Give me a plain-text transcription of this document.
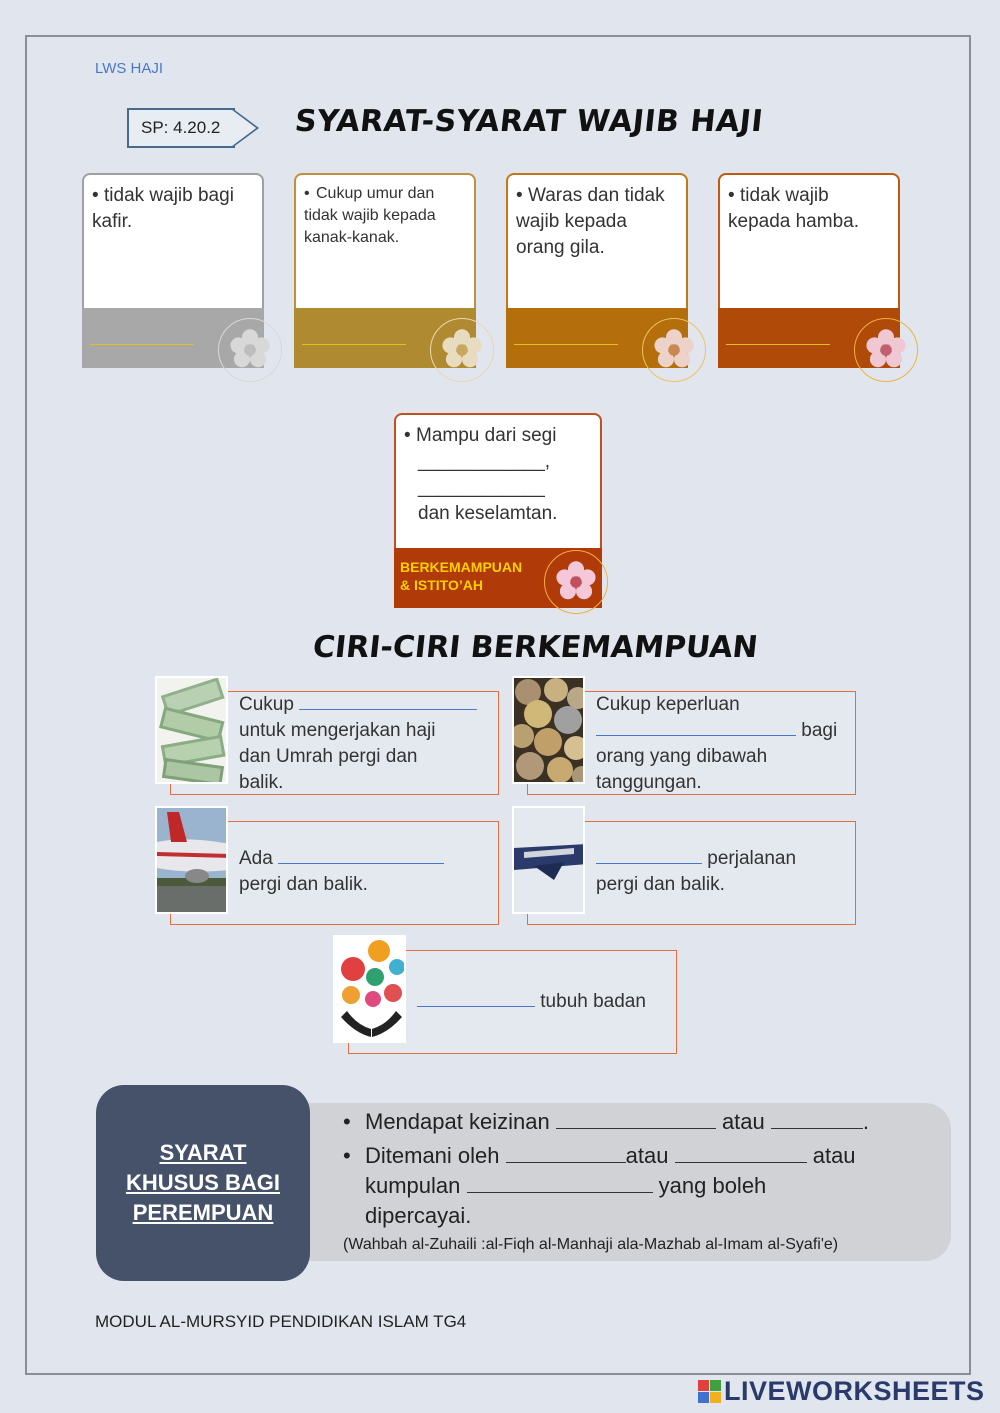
LWS HAJI
SP: 4.20.2	SYARAT-SYARAT WAJIB HAJI
• tidak wajib bagi kafir.
• Cukup umur dan tidak wajib kepada kanak-kanak.
• Waras dan tidak wajib kepada orang gila.
• tidak wajib kepada hamba.
• Mampu dari segi
____________,
____________
dan keselamtan.
BERKEMAMPUAN
& ISTITO’AH
CIRI-CIRI BERKEMAMPUAN
Cukup
untuk mengerjakan haji
dan Umrah pergi dan
balik.
Cukup keperluan
bagi
orang yang dibawah
tanggungan.
Ada
pergi dan balik.
perjalanan
pergi dan balik.
tubuh badan
SYARAT
KHUSUS BAGI
PEREMPUAN
• Mendapat keizinan	atau	.
• Ditemani oleh	atau	atau
kumpulan	yang boleh
dipercayai.
(Wahbah al-Zuhaili :al-Fiqh al-Manhaji ala-Mazhab al-Imam al-Syafi'e)
MODUL AL-MURSYID PENDIDIKAN ISLAM TG4
LIVEWORKSHEETS
